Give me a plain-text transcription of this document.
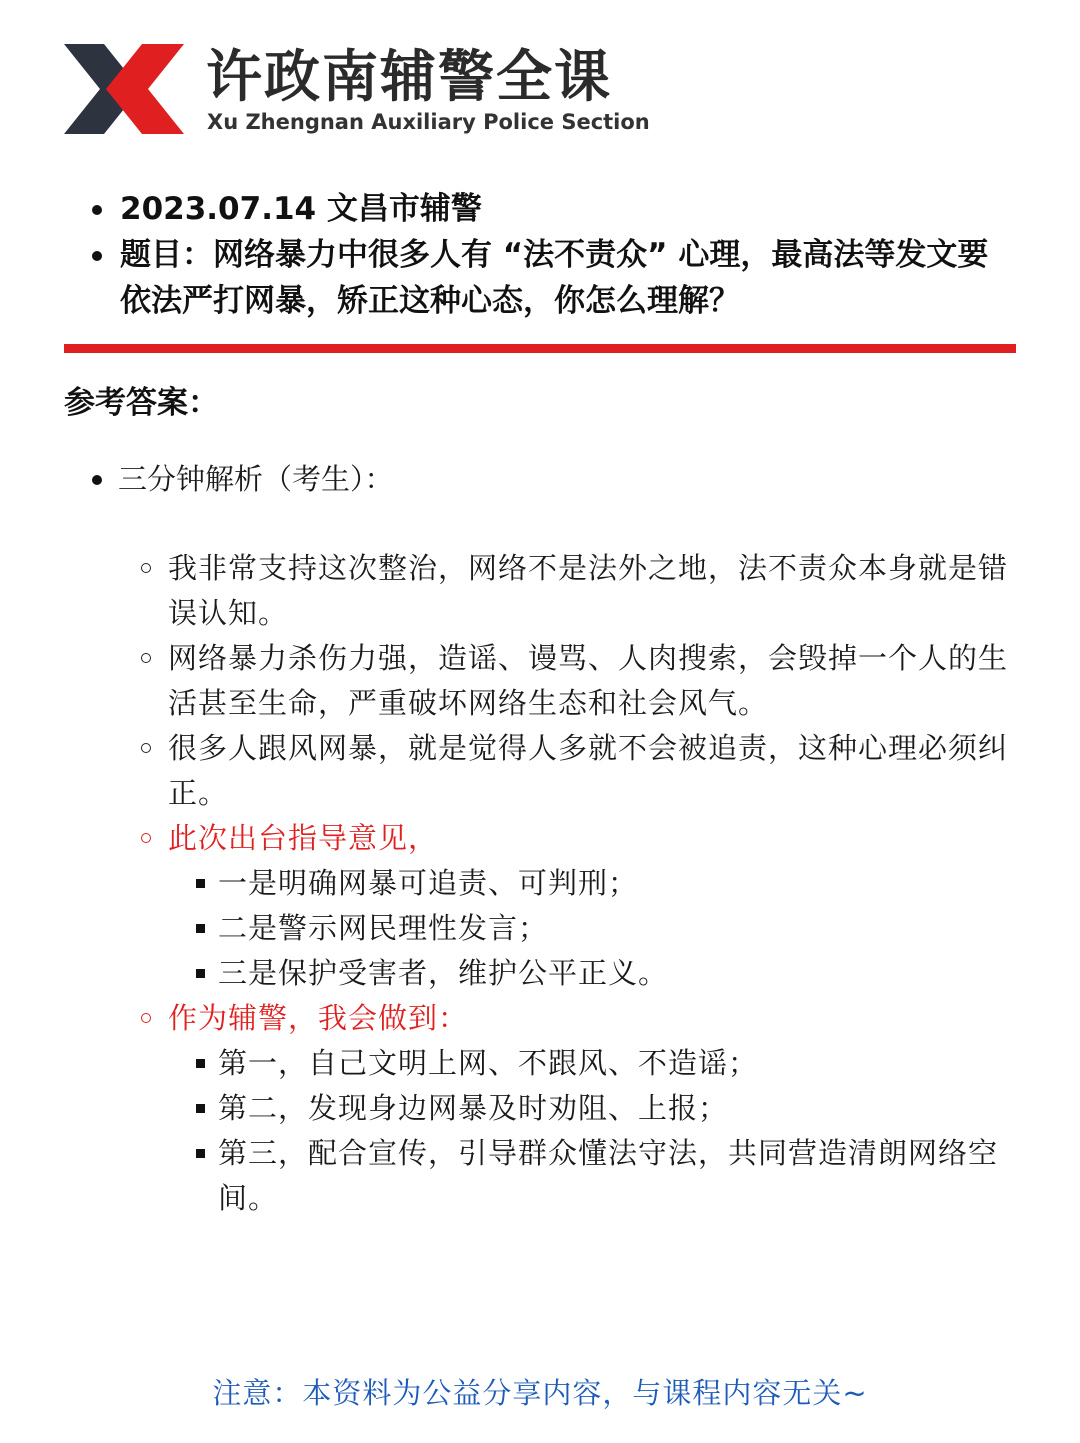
许政南辅警全课
Xu Zhengnan Auxiliary Police Section
2023.07.14 文昌市辅警
题目：网络暴力中很多人有 “法不责众” 心理，最高法等发文要依法严打网暴，矫正这种心态，你怎么理解？
参考答案：
三分钟解析（考生）：
我非常支持这次整治，网络不是法外之地，法不责众本身就是错误认知。
网络暴力杀伤力强，造谣、谩骂、人肉搜索，会毁掉一个人的生活甚至生命，严重破坏网络生态和社会风气。
很多人跟风网暴，就是觉得人多就不会被追责，这种心理必须纠正。
此次出台指导意见，
一是明确网暴可追责、可判刑；
二是警示网民理性发言；
三是保护受害者，维护公平正义。
作为辅警，我会做到：
第一，自己文明上网、不跟风、不造谣；
第二，发现身边网暴及时劝阻、上报；
第三，配合宣传，引导群众懂法守法，共同营造清朗网络空间。
注意：本资料为公益分享内容，与课程内容无关~
